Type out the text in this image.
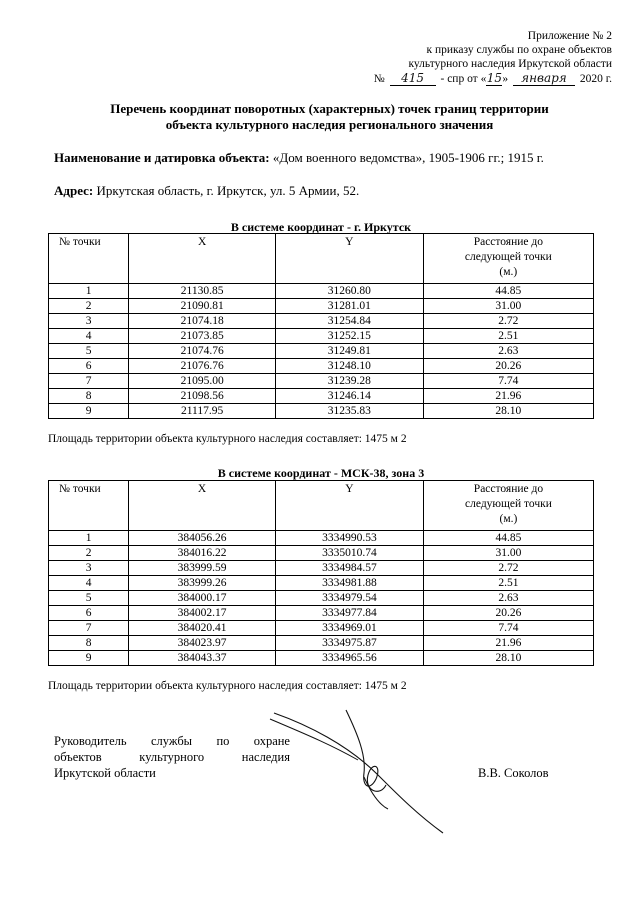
Приложение № 2
к приказу службы по охране объектов
культурного наследия Иркутской области
№ 415 - спр от «15» января 2020 г.
Перечень координат поворотных (характерных) точек границ территории
объекта культурного наследия регионального значения
Наименование и датировка объекта: «Дом военного ведомства», 1905-1906 гг.; 1915 г.
Адрес: Иркутская область, г. Иркутск, ул. 5 Армии, 52.
В системе координат - г. Иркутск
№ точки	X	Y	Расстояние до
следующей точки
(м.)

1	21130.85	31260.80	44.85
2	21090.81	31281.01	31.00
3	21074.18	31254.84	2.72
4	21073.85	31252.15	2.51
5	21074.76	31249.81	2.63
6	21076.76	31248.10	20.26
7	21095.00	31239.28	7.74
8	21098.56	31246.14	21.96
9	21117.95	31235.83	28.10
Площадь территории объекта культурного наследия составляет: 1475 м 2
В системе координат - МСК-38, зона 3
№ точки	X	Y	Расстояние до
следующей точки
(м.)

1	384056.26	3334990.53	44.85
2	384016.22	3335010.74	31.00
3	383999.59	3334984.57	2.72
4	383999.26	3334981.88	2.51
5	384000.17	3334979.54	2.63
6	384002.17	3334977.84	20.26
7	384020.41	3334969.01	7.74
8	384023.97	3334975.87	21.96
9	384043.37	3334965.56	28.10
Площадь территории объекта культурного наследия составляет: 1475 м 2
Руководитель службы по охране
объектов культурного наследия
Иркутской области	В.В. Соколов
